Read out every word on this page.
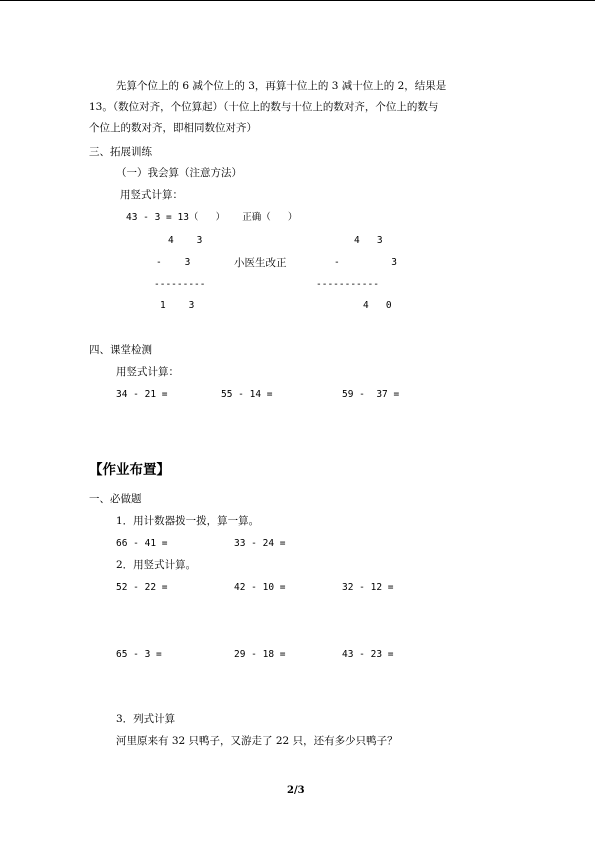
先算个位上的 6 减个位上的 3，再算十位上的 3 减十位上的 2，结果是
13。（数位对齐，个位算起）（十位上的数与十位上的数对齐，个位上的数与
个位上的数对齐，即相同数位对齐）
三、拓展训练
（一）我会算（注意方法）
用竖式计算：
43 - 3 = 13（   ）   正确（   ）
4    3	4   3
-    3	小医生改正	-         3
---------	-----------
1    3	4   0
四、课堂检测
用竖式计算：
34 - 21 =	55 - 14 =	59 -  37 =
【作业布置】
一、必做题
1．用计数器拨一拨，算一算。
66 - 41 =	33 - 24 =
2．用竖式计算。
52 - 22 =	42 - 10 =	32 - 12 =
65 - 3 =	29 - 18 =	43 - 23 =
3．列式计算
河里原来有 32 只鸭子，又游走了 22 只，还有多少只鸭子？
2/3
